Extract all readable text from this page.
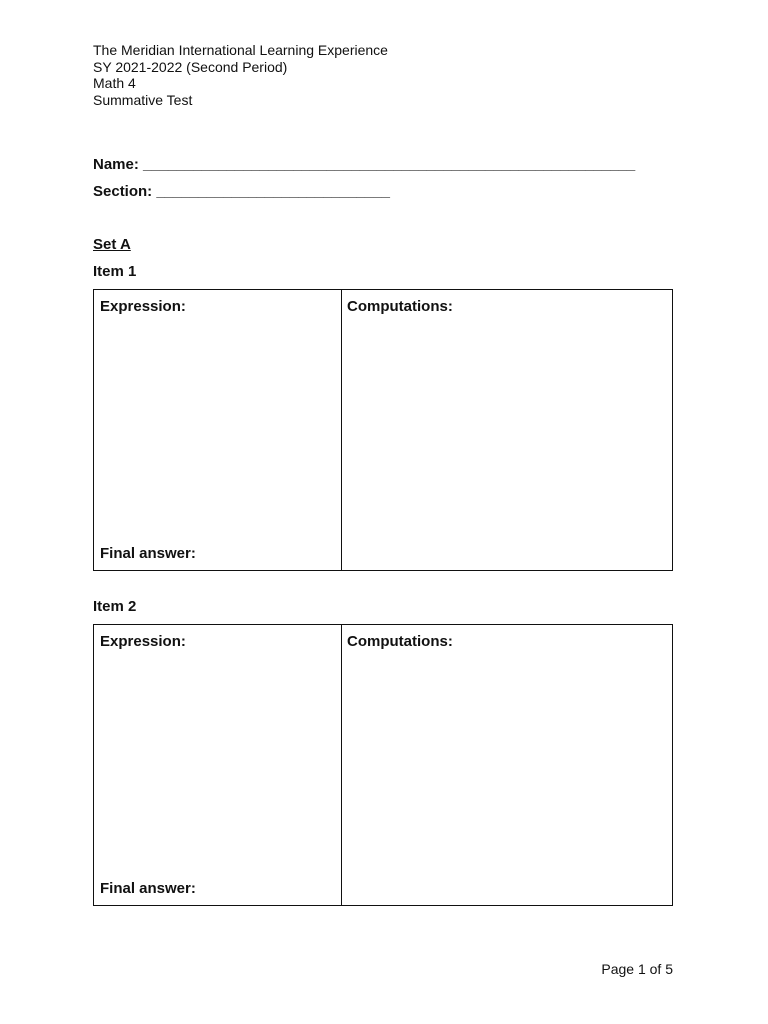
The Meridian International Learning Experience
SY 2021-2022 (Second Period)
Math 4
Summative Test
Name: ___________________________________________________________
Section: ____________________________
Set A
Item 1
Expression:
Final answer:
Computations:
Item 2
Expression:
Final answer:
Computations:
Page 1 of 5
